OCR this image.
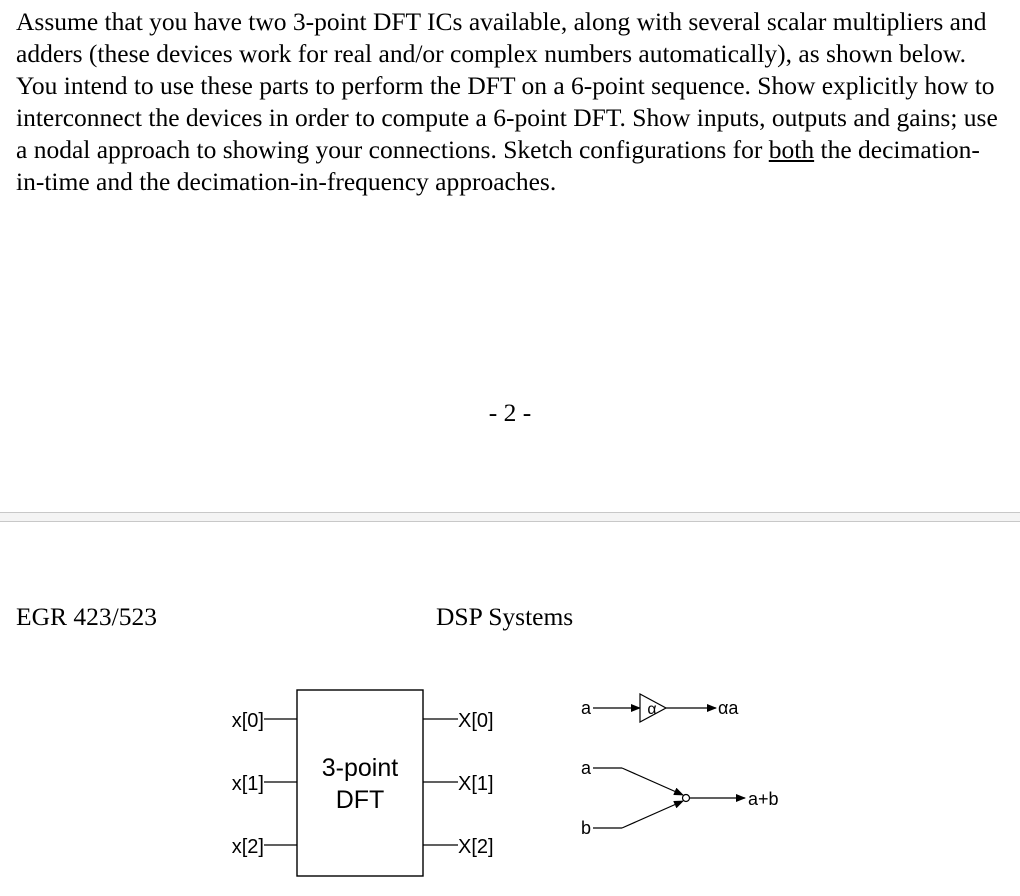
Assume that you have two 3-point DFT ICs available, along with several scalar multipliers and adders (these devices work for real and/or complex numbers automatically), as shown below. You intend to use these parts to perform the DFT on a 6-point sequence. Show explicitly how to interconnect the devices in order to compute a 6-point DFT. Show inputs, outputs and gains; use a nodal approach to showing your connections. Sketch configurations for both the decimation-in-time and the decimation-in-frequency approaches.
- 2 -
EGR 423/523	DSP Systems
3-point
DFT
x[0]
x[1]
x[2]
X[0]
X[1]
X[2]
a	α	αa
a
b
a+b
